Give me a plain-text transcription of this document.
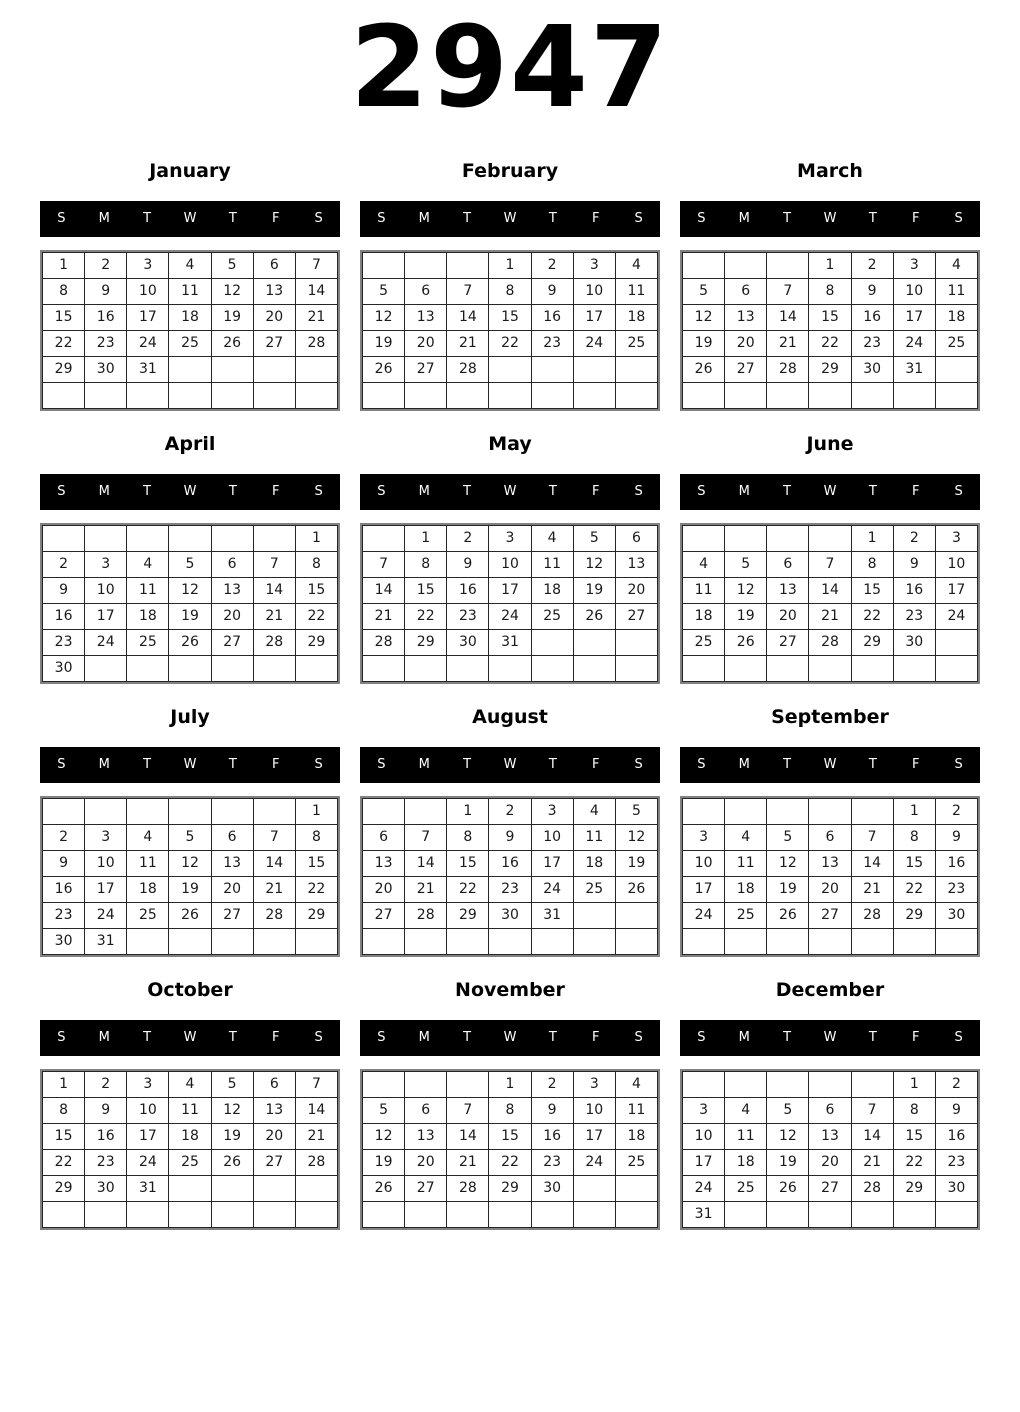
2947
January
S	M	T	W	T	F	S
1	2	3	4	5	6	7
8	9	10	11	12	13	14
15	16	17	18	19	20	21
22	23	24	25	26	27	28
29	30	31				

February
S	M	T	W	T	F	S
			1	2	3	4
5	6	7	8	9	10	11
12	13	14	15	16	17	18
19	20	21	22	23	24	25
26	27	28				

March
S	M	T	W	T	F	S
			1	2	3	4
5	6	7	8	9	10	11
12	13	14	15	16	17	18
19	20	21	22	23	24	25
26	27	28	29	30	31	

April
S	M	T	W	T	F	S
						1
2	3	4	5	6	7	8
9	10	11	12	13	14	15
16	17	18	19	20	21	22
23	24	25	26	27	28	29
30						
May
S	M	T	W	T	F	S
	1	2	3	4	5	6
7	8	9	10	11	12	13
14	15	16	17	18	19	20
21	22	23	24	25	26	27
28	29	30	31			

June
S	M	T	W	T	F	S
				1	2	3
4	5	6	7	8	9	10
11	12	13	14	15	16	17
18	19	20	21	22	23	24
25	26	27	28	29	30	

July
S	M	T	W	T	F	S
						1
2	3	4	5	6	7	8
9	10	11	12	13	14	15
16	17	18	19	20	21	22
23	24	25	26	27	28	29
30	31					
August
S	M	T	W	T	F	S
		1	2	3	4	5
6	7	8	9	10	11	12
13	14	15	16	17	18	19
20	21	22	23	24	25	26
27	28	29	30	31		

September
S	M	T	W	T	F	S
					1	2
3	4	5	6	7	8	9
10	11	12	13	14	15	16
17	18	19	20	21	22	23
24	25	26	27	28	29	30

October
S	M	T	W	T	F	S
1	2	3	4	5	6	7
8	9	10	11	12	13	14
15	16	17	18	19	20	21
22	23	24	25	26	27	28
29	30	31				

November
S	M	T	W	T	F	S
			1	2	3	4
5	6	7	8	9	10	11
12	13	14	15	16	17	18
19	20	21	22	23	24	25
26	27	28	29	30		

December
S	M	T	W	T	F	S
					1	2
3	4	5	6	7	8	9
10	11	12	13	14	15	16
17	18	19	20	21	22	23
24	25	26	27	28	29	30
31						
